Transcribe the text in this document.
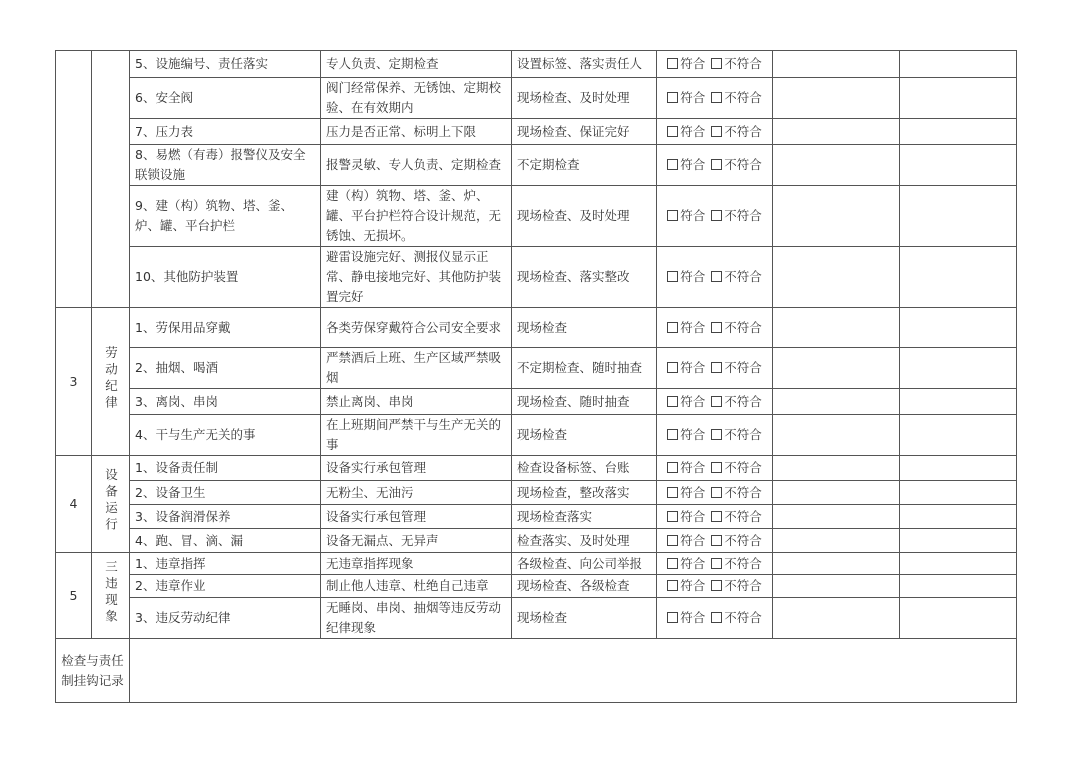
		5、设施编号、责任落实	专人负责、定期检查	设置标签、落实责任人	符合 不符合		
		6、安全阀	阀门经常保养、无锈蚀、定期校验、在有效期内	现场检查、及时处理	符合 不符合		
		7、压力表	压力是否正常、标明上下限	现场检查、保证完好	符合 不符合		
		8、易燃（有毒）报警仪及安全联锁设施	报警灵敏、专人负责、定期检查	不定期检查	符合 不符合		
		9、建（构）筑物、塔、釜、炉、罐、平台护栏	建（构）筑物、塔、釜、炉、罐、平台护栏符合设计规范，无锈蚀、无损坏。	现场检查、及时处理	符合 不符合		
		10、其他防护装置	避雷设施完好、测报仪显示正常、静电接地完好、其他防护装置完好	现场检查、落实整改	符合 不符合		
3	劳动纪律	1、劳保用品穿戴	各类劳保穿戴符合公司安全要求	现场检查	符合 不符合		
		2、抽烟、喝酒	严禁酒后上班、生产区域严禁吸烟	不定期检查、随时抽查	符合 不符合		
		3、离岗、串岗	禁止离岗、串岗	现场检查、随时抽查	符合 不符合		
		4、干与生产无关的事	在上班期间严禁干与生产无关的事	现场检查	符合 不符合		
4	设备运行	1、设备责任制	设备实行承包管理	检查设备标签、台账	符合 不符合		
		2、设备卫生	无粉尘、无油污	现场检查，整改落实	符合 不符合		
		3、设备润滑保养	设备实行承包管理	现场检查落实	符合 不符合		
		4、跑、冒、滴、漏	设备无漏点、无异声	检查落实、及时处理	符合 不符合		
5	三违现象	1、违章指挥	无违章指挥现象	各级检查、向公司举报	符合 不符合		
		2、违章作业	制止他人违章、杜绝自己违章	现场检查、各级检查	符合 不符合		
		3、违反劳动纪律	无睡岗、串岗、抽烟等违反劳动纪律现象	现场检查	符合 不符合		
检查与责任制挂钩记录							
